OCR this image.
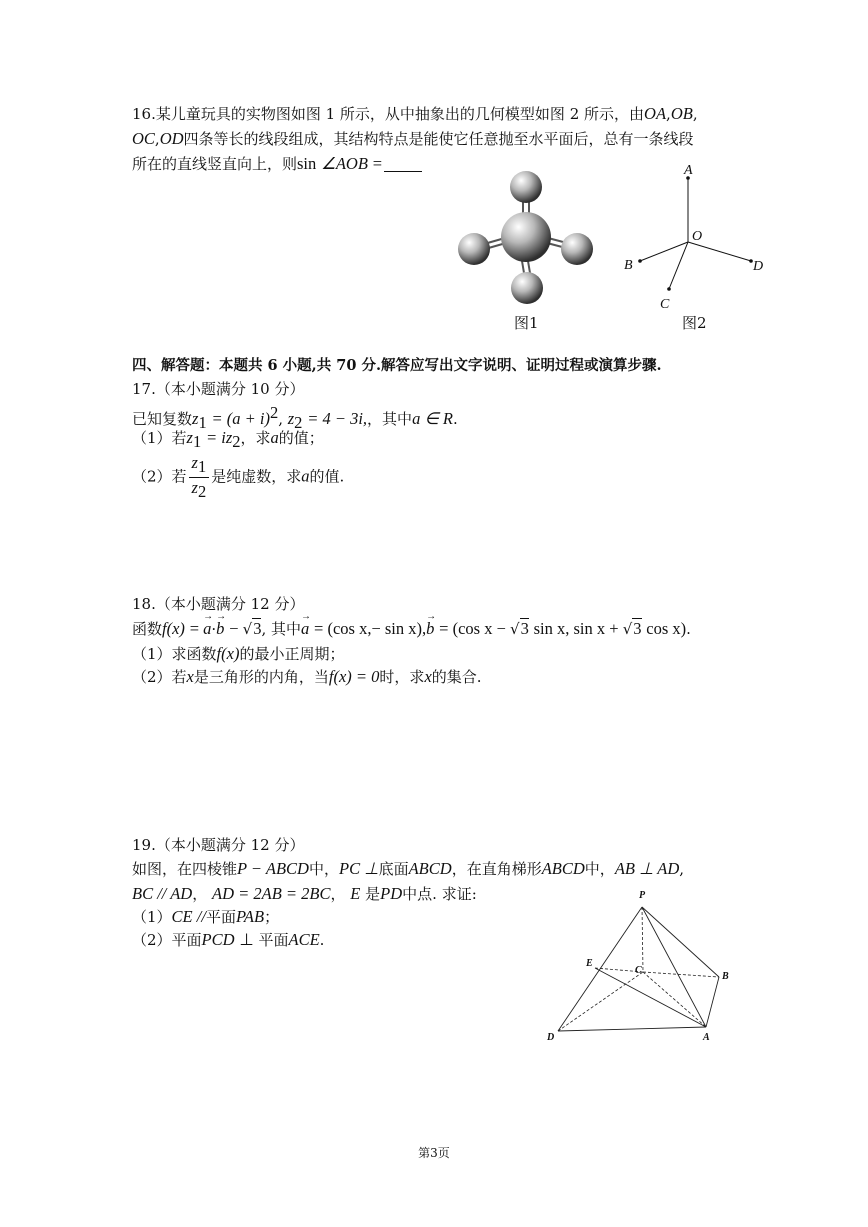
16.某儿童玩具的实物图如图 1 所示，从中抽象出的几何模型如图 2 所示，由OA,OB,
OC,OD四条等长的线段组成，其结构特点是能使它任意抛至水平面后，总有一条线段
所在的直线竖直向上，则sin ∠AOB =
图1
A
O
B	D
C
图2
四、解答题：本题共 6 小题,共 70 分.解答应写出文字说明、证明过程或演算步骤.
17.（本小题满分 10 分）
已知复数$z_1 = (a + i)^2$, $z_2 = 4 - 3i$,，其中a ∈ R.
（1）若$z_1 = iz_2$，求a的值；
（2）若 $\frac{z_1}{z_2}$ 是纯虚数，求a的值.
18.（本小题满分 12 分）
函数f(x) = → a·→ b − √3, 其中→ a = (cos x,− sin x),→ b = (cos x − √3 sin x, sin x + √3 cos x).
（1）求函数f(x)的最小正周期；
（2）若x是三角形的内角，当f(x) = 0时，求x的集合.
19.（本小题满分 12 分）
如图，在四棱锥P − ABCD中，PC ⊥底面ABCD，在直角梯形ABCD中，AB ⊥ AD,
BC // AD， AD = 2AB = 2BC， E 是PD中点. 求证:
（1）CE //平面PAB；
（2）平面PCD ⊥ 平面ACE.
P
E
C
B
D	A
第3页
